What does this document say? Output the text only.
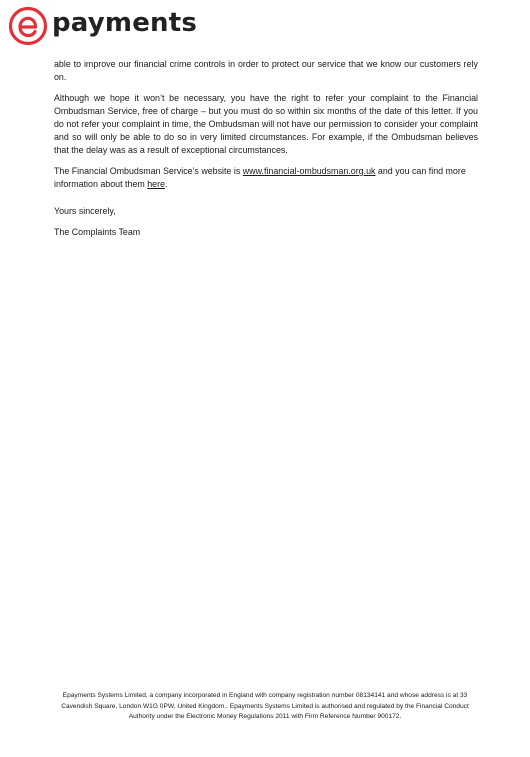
payments

able to improve our financial crime controls in order to protect our service that we know our customers rely on.

Although we hope it won’t be necessary, you have the right to refer your complaint to the Financial Ombudsman Service, free of charge – but you must do so within six months of the date of this letter. If you do not refer your complaint in time, the Ombudsman will not have our permission to consider your complaint and so will only be able to do so in very limited circumstances. For example, if the Ombudsman believes that the delay was as a result of exceptional circumstances.

The Financial Ombudsman Service’s website is www.financial-ombudsman.org.uk and you can find more information about them here.

Yours sincerely,

The Complaints Team

Epayments Systems Limited, a company incorporated in England with company registration number 08134141 and whose address is at 33 Cavendish Square, London W1G 0PW, United Kingdom.. Epayments Systems Limited is authorised and regulated by the Financial Conduct Authority under the Electronic Money Regulations 2011 with Firm Reference Number 900172.
